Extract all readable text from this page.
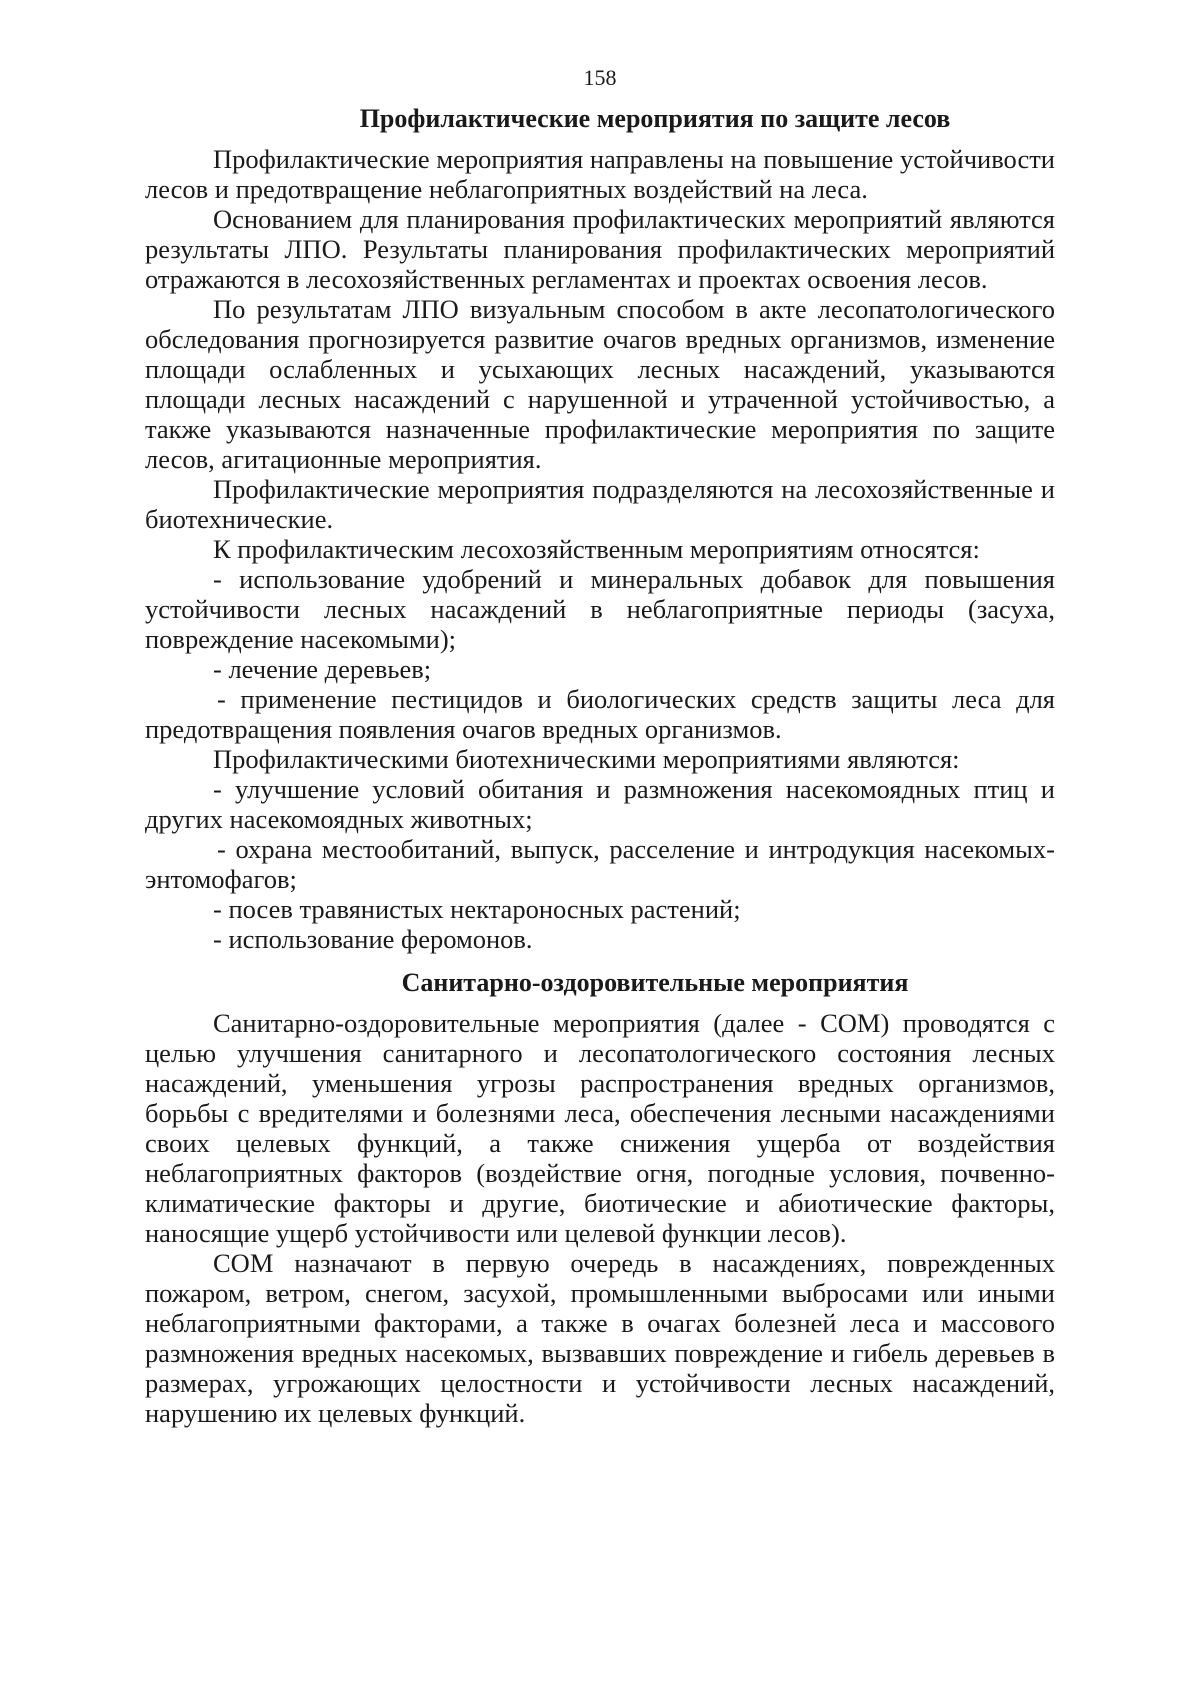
158
Профилактические мероприятия по защите лесов

Профилактические мероприятия направлены на повышение устойчивости лесов и предотвращение неблагоприятных воздействий на леса.

Основанием для планирования профилактических мероприятий являются результаты ЛПО. Результаты планирования профилактических мероприятий отражаются в лесохозяйственных регламентах и проектах освоения лесов.

По результатам ЛПО визуальным способом в акте лесопатологического обследования прогнозируется развитие очагов вредных организмов, изменение площади ослабленных и усыхающих лесных насаждений, указываются площади лесных насаждений с нарушенной и утраченной устойчивостью, а также указываются назначенные профилактические мероприятия по защите лесов, агитационные мероприятия.

Профилактические мероприятия подразделяются на лесохозяйственные и биотехнические.

К профилактическим лесохозяйственным мероприятиям относятся:

- использование удобрений и минеральных добавок для повышения устойчивости лесных насаждений в неблагоприятные периоды (засуха, повреждение насекомыми);

- лечение деревьев;

- применение пестицидов и биологических средств защиты леса для предотвращения появления очагов вредных организмов.

Профилактическими биотехническими мероприятиями являются:

- улучшение условий обитания и размножения насекомоядных птиц и других насекомоядных животных;

- охрана местообитаний, выпуск, расселение и интродукция насекомых-энтомофагов;

- посев травянистых нектароносных растений;

- использование феромонов.

Санитарно-оздоровительные мероприятия

Санитарно-оздоровительные мероприятия (далее - СОМ) проводятся с целью улучшения санитарного и лесопатологического состояния лесных насаждений, уменьшения угрозы распространения вредных организмов, борьбы с вредителями и болезнями леса, обеспечения лесными насаждениями своих целевых функций, а также снижения ущерба от воздействия неблагоприятных факторов (воздействие огня, погодные условия, почвенно-климатические факторы и другие, биотические и абиотические факторы, наносящие ущерб устойчивости или целевой функции лесов).

СОМ назначают в первую очередь в насаждениях, поврежденных пожаром, ветром, снегом, засухой, промышленными выбросами или иными неблагоприятными факторами, а также в очагах болезней леса и массового размножения вредных насекомых, вызвавших повреждение и гибель деревьев в размерах, угрожающих целостности и устойчивости лесных насаждений, нарушению их целевых функций.
